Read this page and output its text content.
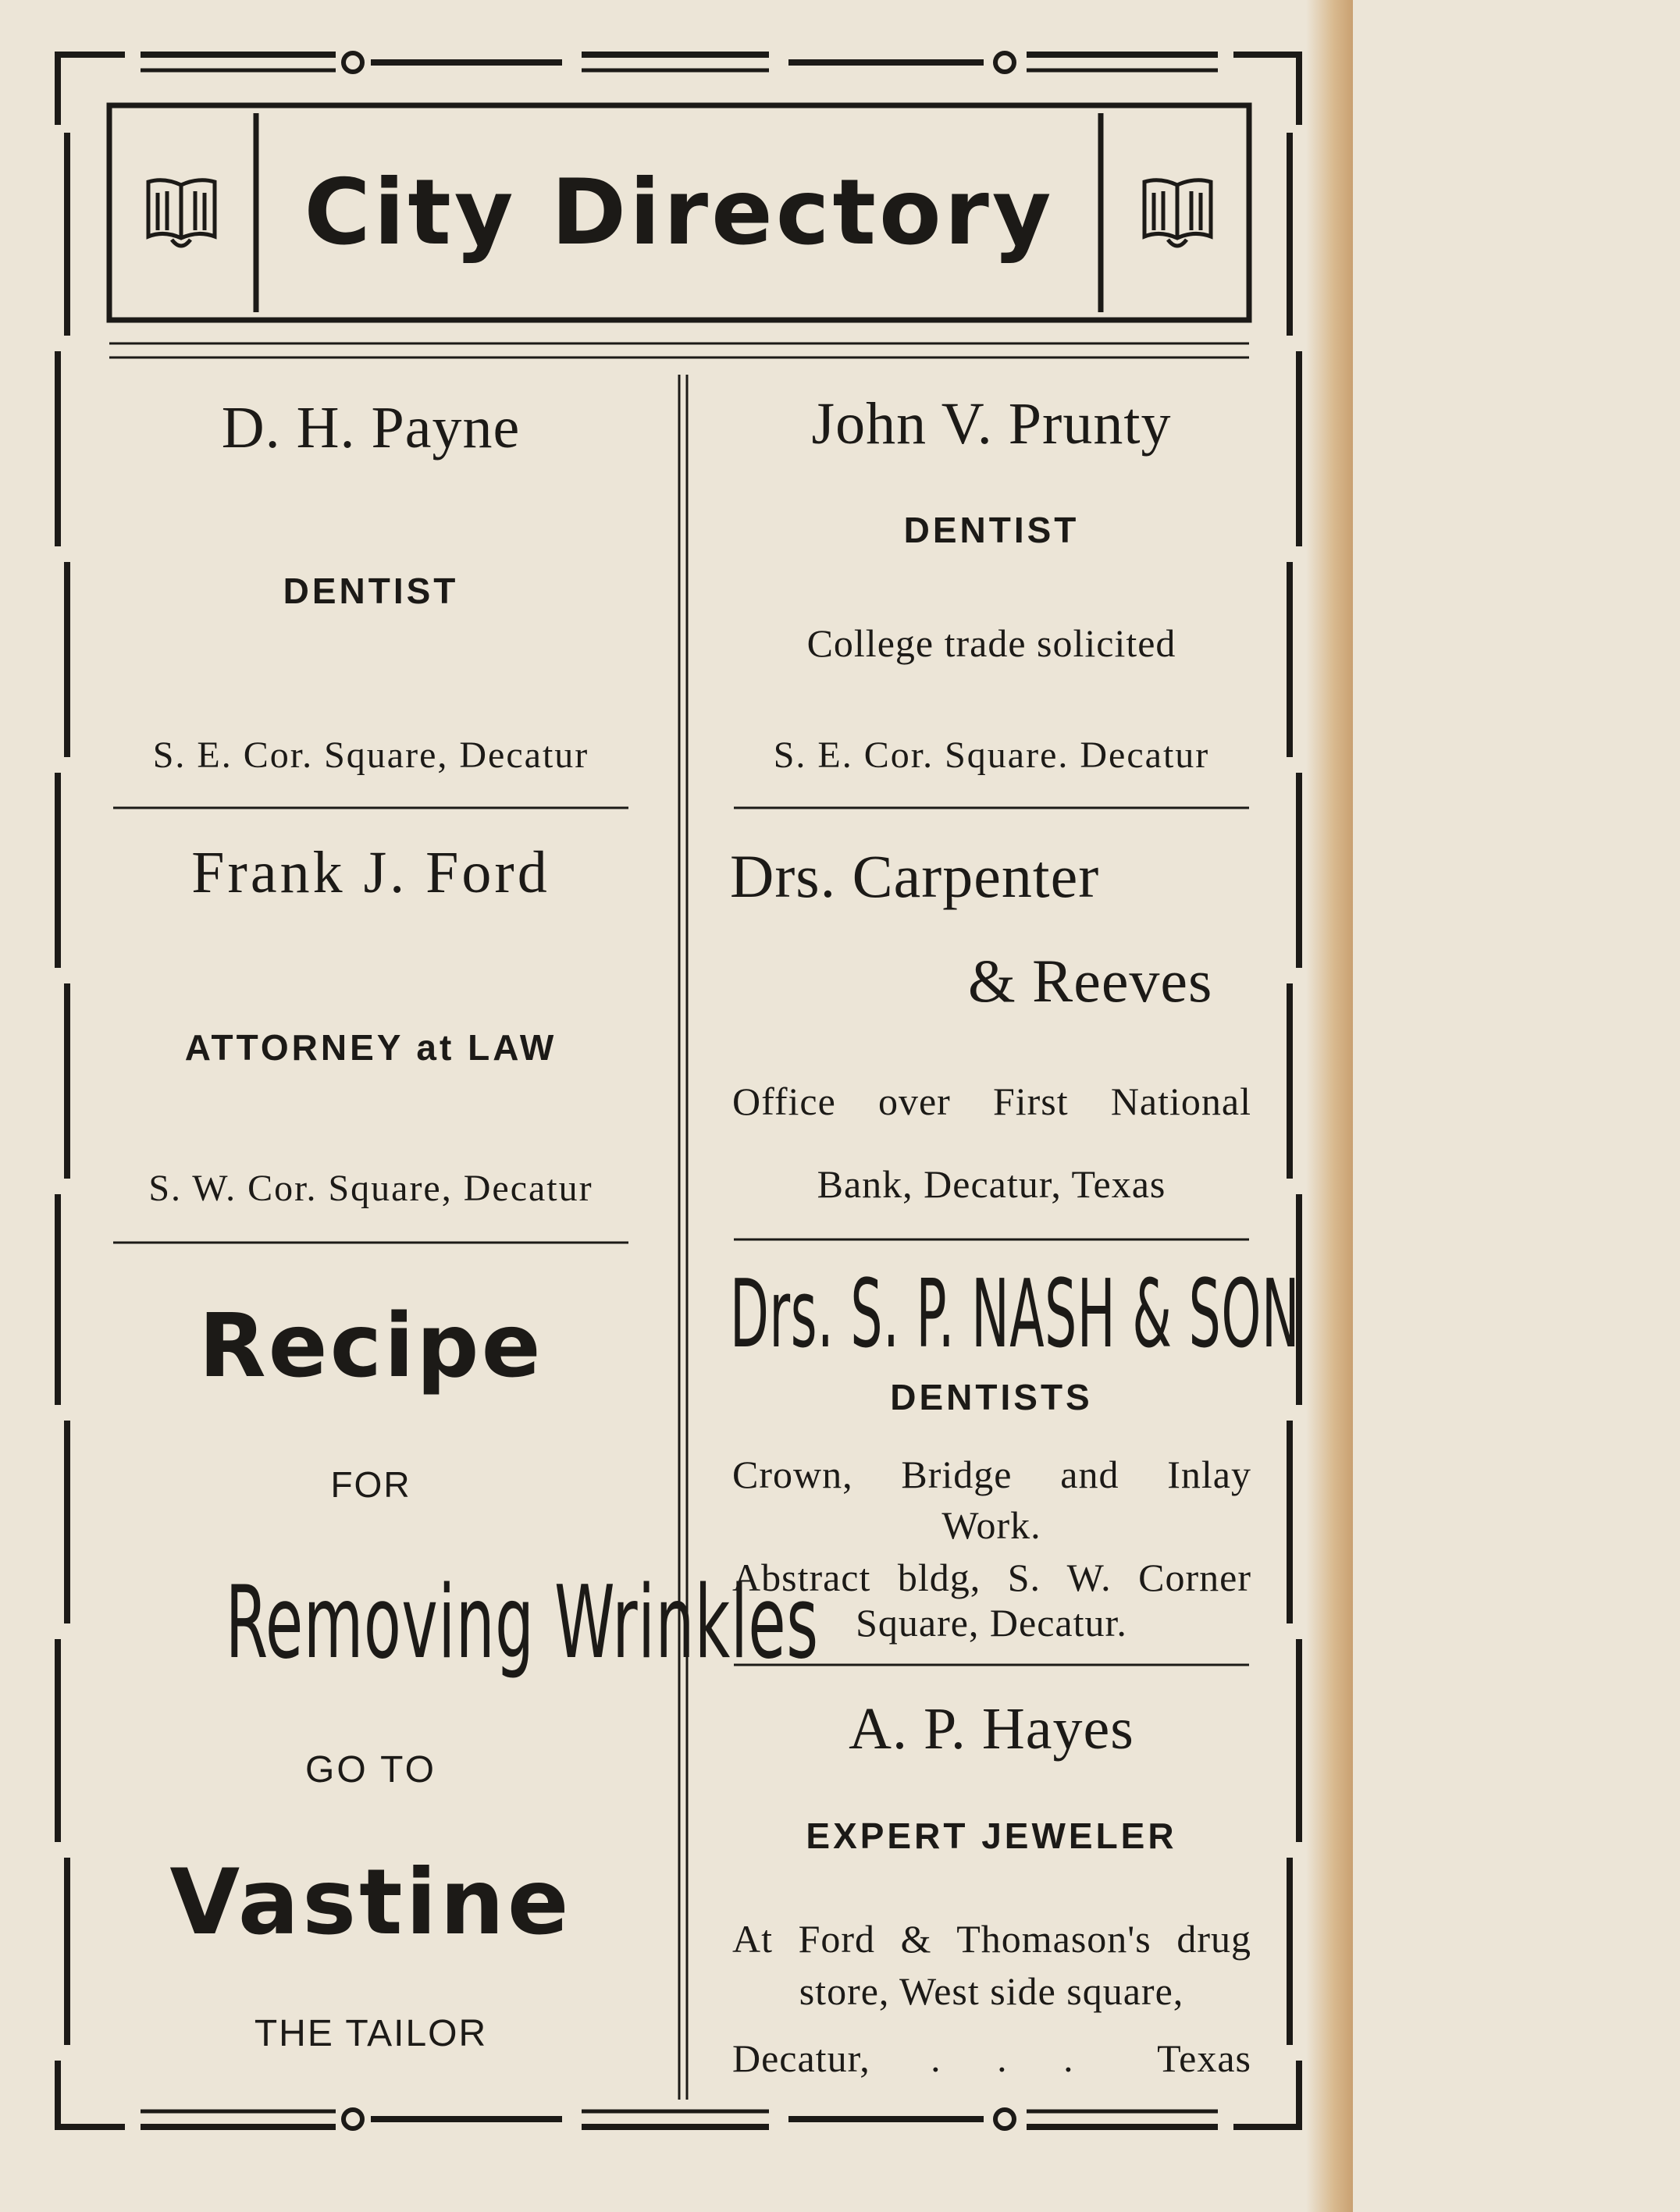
City Directory
D. H. Payne
DENTIST
S. E. Cor. Square, Decatur
Frank J. Ford
ATTORNEY at LAW
S. W. Cor. Square, Decatur
Recipe
FOR
Removing Wrinkles
GO TO
Vastine
THE TAILOR
John V. Prunty
DENTIST
College trade solicited
S. E. Cor. Square. Decatur
Drs. Carpenter
& Reeves
Office over First National
Bank, Decatur, Texas
Drs. S. P. NASH & SON
DENTISTS
Crown, Bridge and Inlay
Work.
Abstract bldg, S. W. Corner
Square, Decatur.
A. P. Hayes
EXPERT JEWELER
At Ford & Thomason's drug
store, West side square,
Decatur, . . . Texas
